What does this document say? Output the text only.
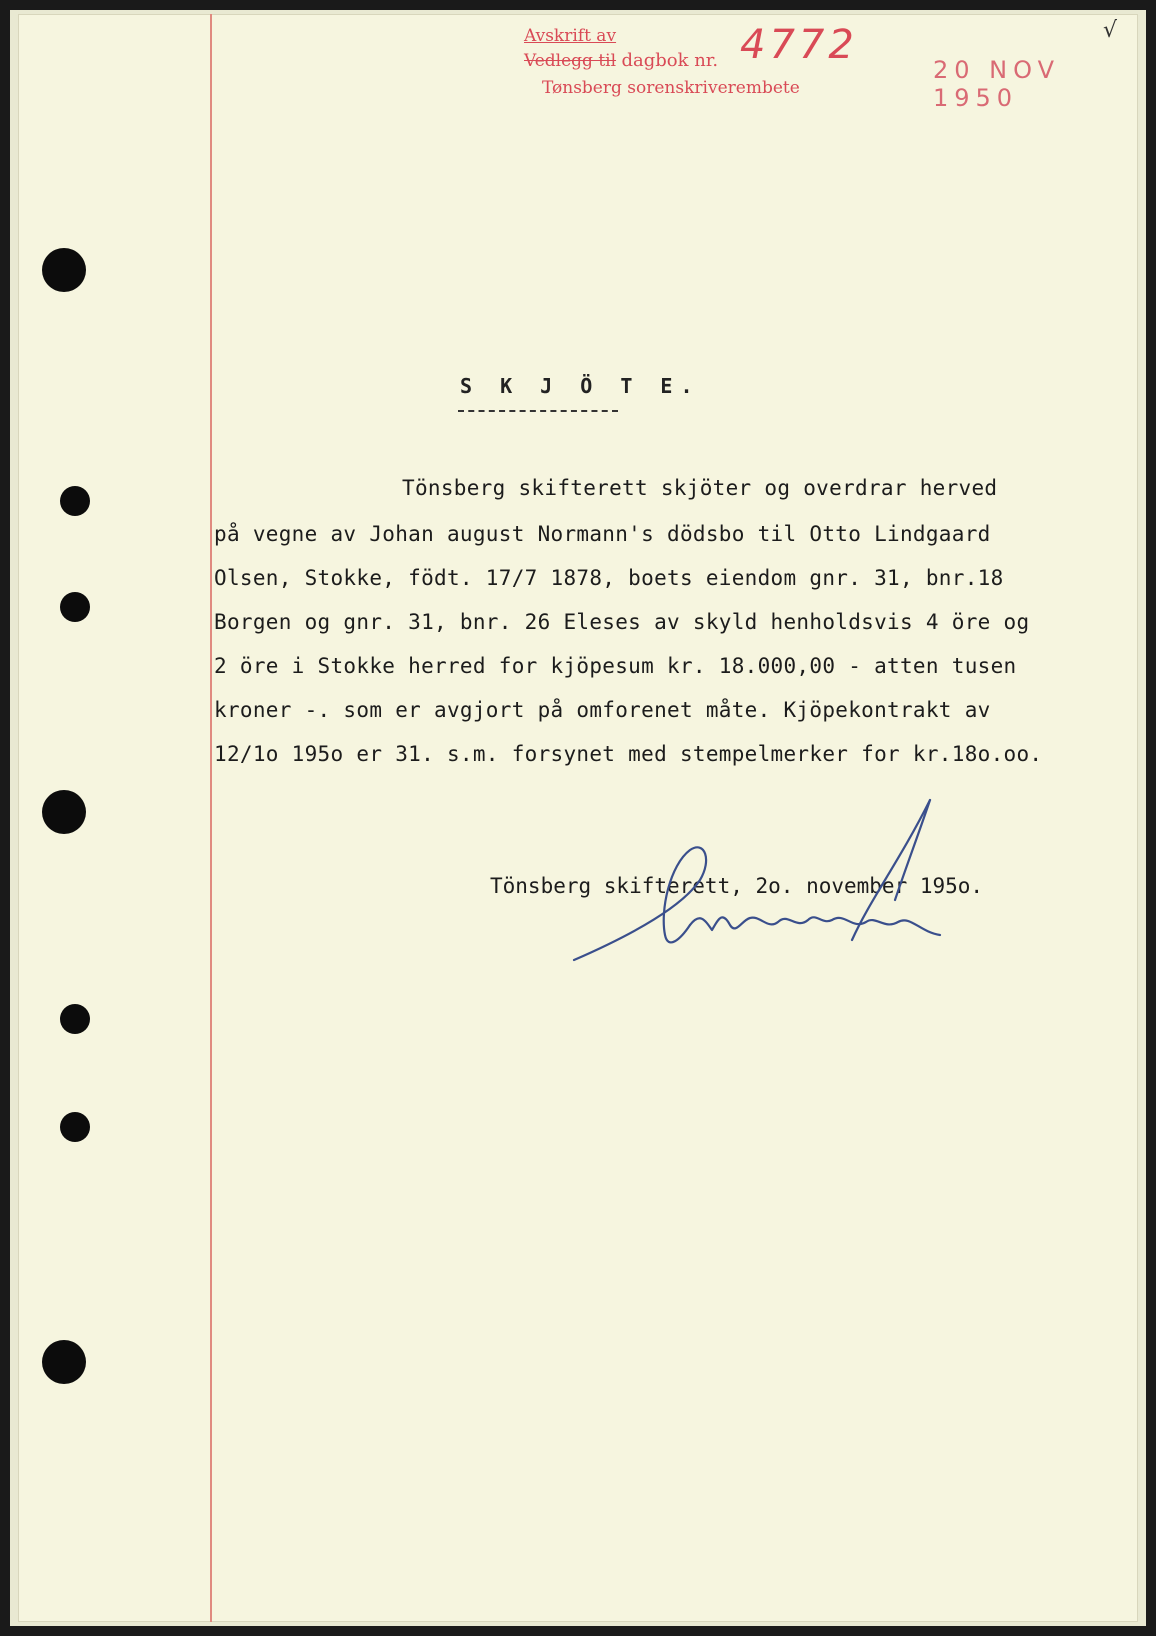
Avskrift av
Vedlegg til dagbok nr.
Tønsberg sorenskriverembete
4772
20 NOV 1950
√
S K J Ö T E.
Tönsberg skifterett skjöter og overdrar herved
på vegne av Johan august Normann's dödsbo til Otto Lindgaard
Olsen, Stokke, födt. 17/7 1878, boets eiendom gnr. 31, bnr.18
Borgen og gnr. 31, bnr. 26 Eleses av skyld henholdsvis 4 öre og
2 öre i Stokke herred for kjöpesum kr. 18.000,00 - atten tusen
kroner -. som er avgjort på omforenet måte. Kjöpekontrakt av
12/1o 195o er 31. s.m. forsynet med stempelmerker for kr.18o.oo.
Tönsberg skifterett, 2o. november 195o.
